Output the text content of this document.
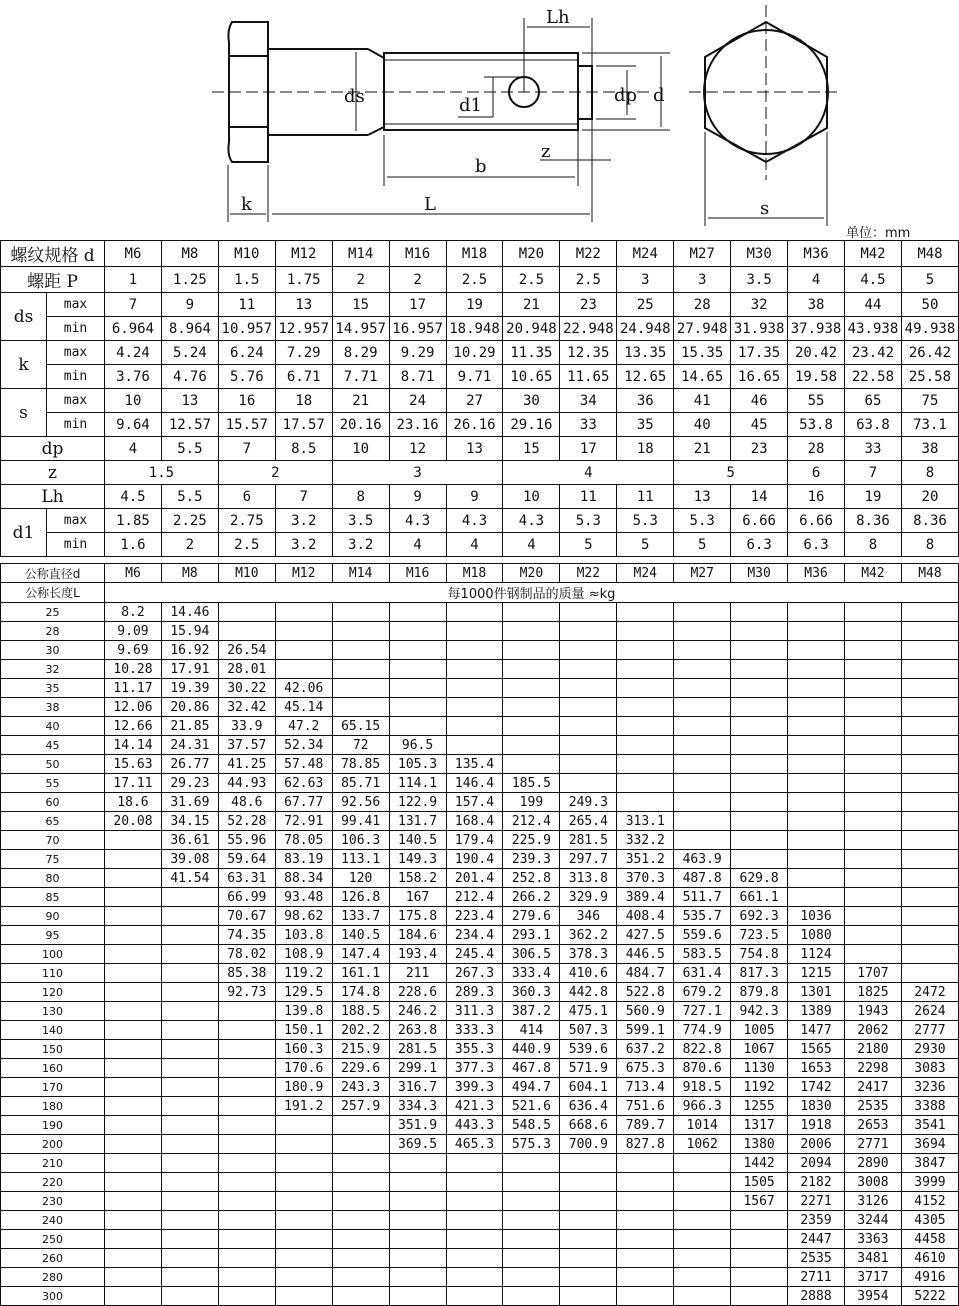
Lh
ds	d1	dp d
z
b
k	L	s
单位：mm
螺纹规格 d		M6	M8	M10	M12	M14	M16	M18	M20	M22	M24	M27	M30	M36	M42	M48
螺距 P		1	1.25	1.5	1.75	2	2	2.5	2.5	2.5	3	3	3.5	4	4.5	5
ds	max	7	9	11	13	15	17	19	21	23	25	28	32	38	44	50
	min	6.964	8.964	10.957	12.957	14.957	16.957	18.948	20.948	22.948	24.948	27.948	31.938	37.938	43.938	49.938
k	max	4.24	5.24	6.24	7.29	8.29	9.29	10.29	11.35	12.35	13.35	15.35	17.35	20.42	23.42	26.42
	min	3.76	4.76	5.76	6.71	7.71	8.71	9.71	10.65	11.65	12.65	14.65	16.65	19.58	22.58	25.58
s	max	10	13	16	18	21	24	27	30	34	36	41	46	55	65	75
	min	9.64	12.57	15.57	17.57	20.16	23.16	26.16	29.16	33	35	40	45	53.8	63.8	73.1
dp		4	5.5	7	8.5	10	12	13	15	17	18	21	23	28	33	38
z		1.5		2		3			4			5		6	7	8
Lh		4.5	5.5	6	7	8	9	9	10	11	11	13	14	16	19	20
d1	max	1.85	2.25	2.75	3.2	3.5	4.3	4.3	4.3	5.3	5.3	5.3	6.66	6.66	8.36	8.36
	min	1.6	2	2.5	3.2	3.2	4	4	4	5	5	5	6.3	6.3	8	8
公称直径d	M6	M8	M10	M12	M14	M16	M18	M20	M22	M24	M27	M30	M36	M42	M48
公称长度L	每1000件钢制品的质量 ≈kg														
25	8.2	14.46													
28	9.09	15.94													
30	9.69	16.92	26.54												
32	10.28	17.91	28.01												
35	11.17	19.39	30.22	42.06											
38	12.06	20.86	32.42	45.14											
40	12.66	21.85	33.9	47.2	65.15										
45	14.14	24.31	37.57	52.34	72	96.5									
50	15.63	26.77	41.25	57.48	78.85	105.3	135.4								
55	17.11	29.23	44.93	62.63	85.71	114.1	146.4	185.5							
60	18.6	31.69	48.6	67.77	92.56	122.9	157.4	199	249.3						
65	20.08	34.15	52.28	72.91	99.41	131.7	168.4	212.4	265.4	313.1					
70		36.61	55.96	78.05	106.3	140.5	179.4	225.9	281.5	332.2					
75		39.08	59.64	83.19	113.1	149.3	190.4	239.3	297.7	351.2	463.9				
80		41.54	63.31	88.34	120	158.2	201.4	252.8	313.8	370.3	487.8	629.8			
85			66.99	93.48	126.8	167	212.4	266.2	329.9	389.4	511.7	661.1			
90			70.67	98.62	133.7	175.8	223.4	279.6	346	408.4	535.7	692.3	1036		
95			74.35	103.8	140.5	184.6	234.4	293.1	362.2	427.5	559.6	723.5	1080		
100			78.02	108.9	147.4	193.4	245.4	306.5	378.3	446.5	583.5	754.8	1124		
110			85.38	119.2	161.1	211	267.3	333.4	410.6	484.7	631.4	817.3	1215	1707	
120			92.73	129.5	174.8	228.6	289.3	360.3	442.8	522.8	679.2	879.8	1301	1825	2472
130				139.8	188.5	246.2	311.3	387.2	475.1	560.9	727.1	942.3	1389	1943	2624
140				150.1	202.2	263.8	333.3	414	507.3	599.1	774.9	1005	1477	2062	2777
150				160.3	215.9	281.5	355.3	440.9	539.6	637.2	822.8	1067	1565	2180	2930
160				170.6	229.6	299.1	377.3	467.8	571.9	675.3	870.6	1130	1653	2298	3083
170				180.9	243.3	316.7	399.3	494.7	604.1	713.4	918.5	1192	1742	2417	3236
180				191.2	257.9	334.3	421.3	521.6	636.4	751.6	966.3	1255	1830	2535	3388
190						351.9	443.3	548.5	668.6	789.7	1014	1317	1918	2653	3541
200						369.5	465.3	575.3	700.9	827.8	1062	1380	2006	2771	3694
210												1442	2094	2890	3847
220												1505	2182	3008	3999
230												1567	2271	3126	4152
240													2359	3244	4305
250													2447	3363	4458
260													2535	3481	4610
280													2711	3717	4916
300													2888	3954	5222
